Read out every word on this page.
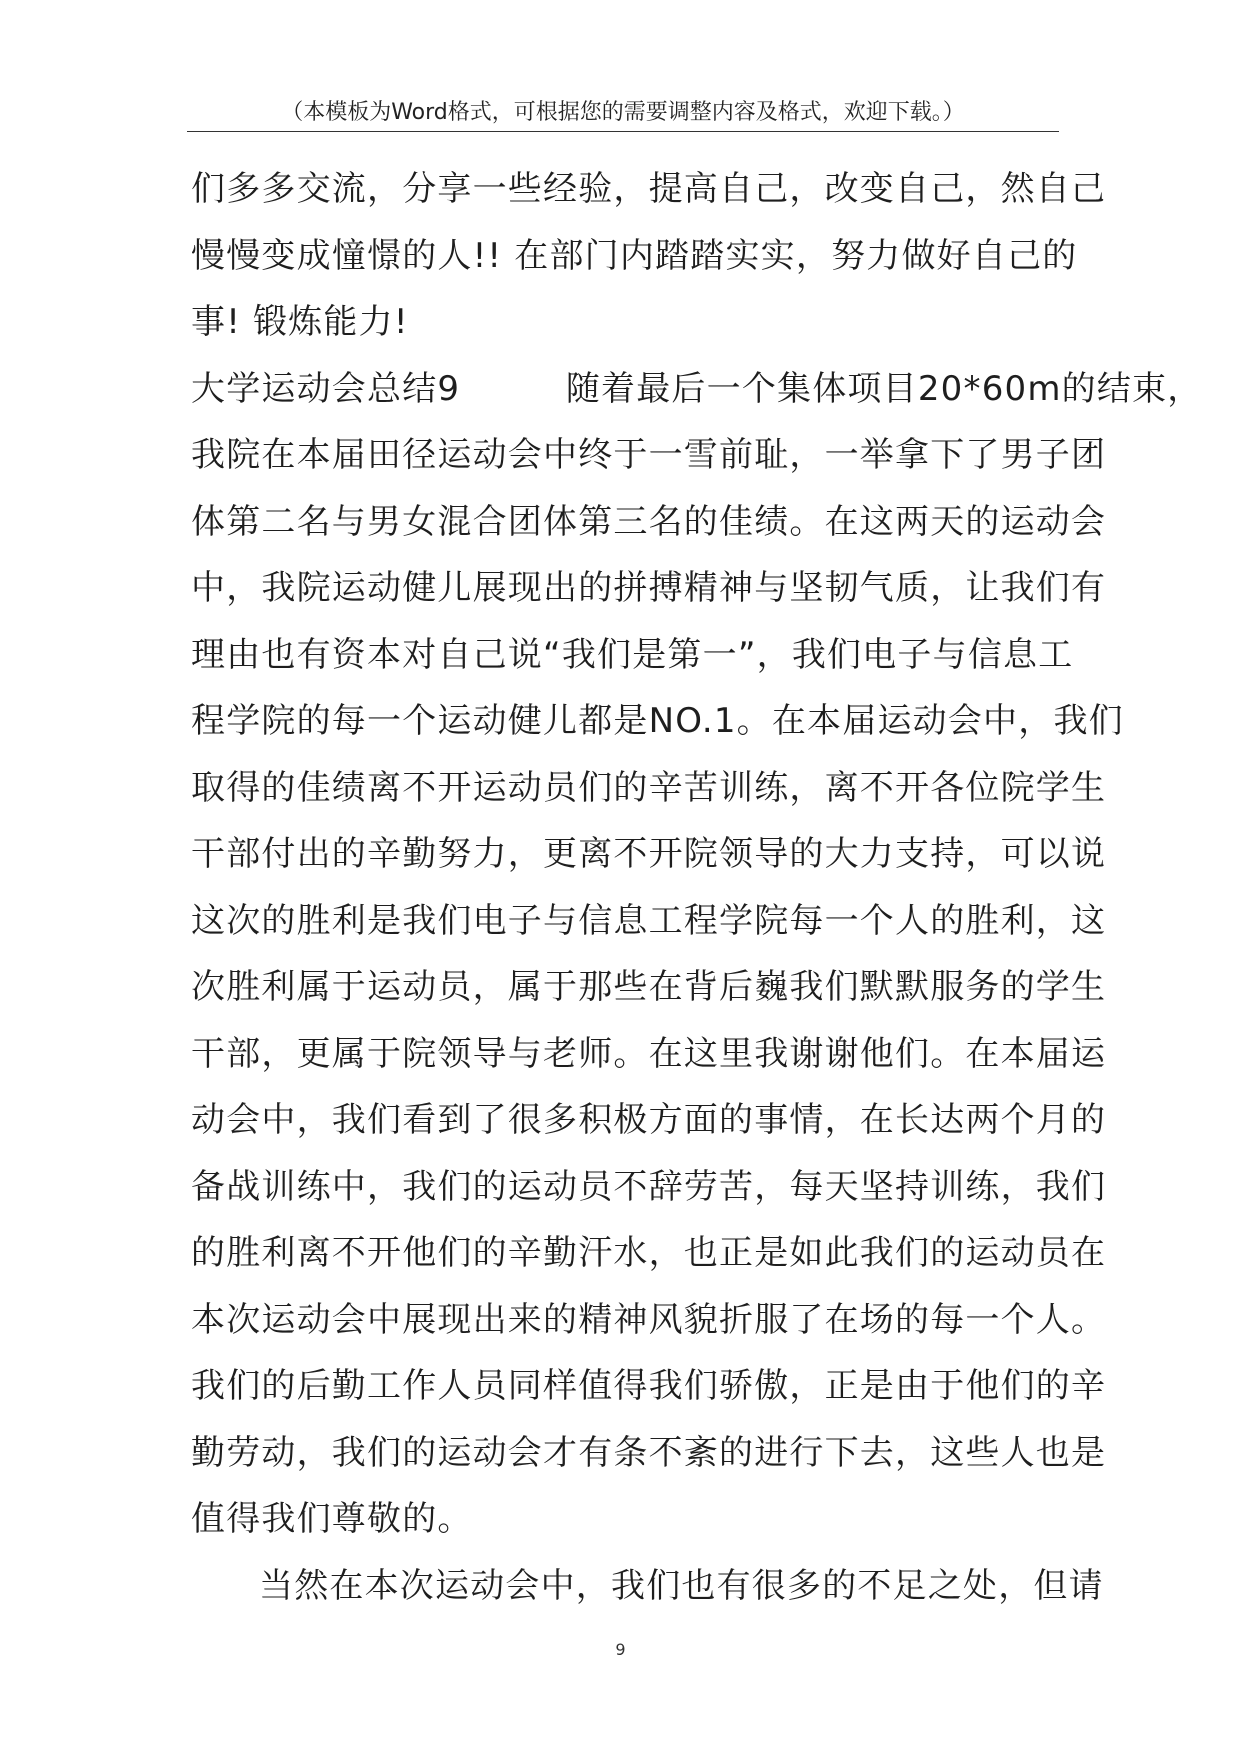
（本模板为Word格式，可根据您的需要调整内容及格式，欢迎下载。）
们多多交流，分享一些经验，提高自己，改变自己，然自己
慢慢变成憧憬的人!! 在部门内踏踏实实，努力做好自己的
事! 锻炼能力!
大学运动会总结9　　　随着最后一个集体项目20*60m的结束，
我院在本届田径运动会中终于一雪前耻，一举拿下了男子团
体第二名与男女混合团体第三名的佳绩。在这两天的运动会
中，我院运动健儿展现出的拼搏精神与坚韧气质，让我们有
理由也有资本对自己说“我们是第一”，我们电子与信息工
程学院的每一个运动健儿都是NO.1。在本届运动会中，我们
取得的佳绩离不开运动员们的辛苦训练，离不开各位院学生
干部付出的辛勤努力，更离不开院领导的大力支持，可以说
这次的胜利是我们电子与信息工程学院每一个人的胜利，这
次胜利属于运动员，属于那些在背后巍我们默默服务的学生
干部，更属于院领导与老师。在这里我谢谢他们。在本届运
动会中，我们看到了很多积极方面的事情，在长达两个月的
备战训练中，我们的运动员不辞劳苦，每天坚持训练，我们
的胜利离不开他们的辛勤汗水，也正是如此我们的运动员在
本次运动会中展现出来的精神风貌折服了在场的每一个人。
我们的后勤工作人员同样值得我们骄傲，正是由于他们的辛
勤劳动，我们的运动会才有条不紊的进行下去，这些人也是
值得我们尊敬的。
当然在本次运动会中，我们也有很多的不足之处，但请
9
